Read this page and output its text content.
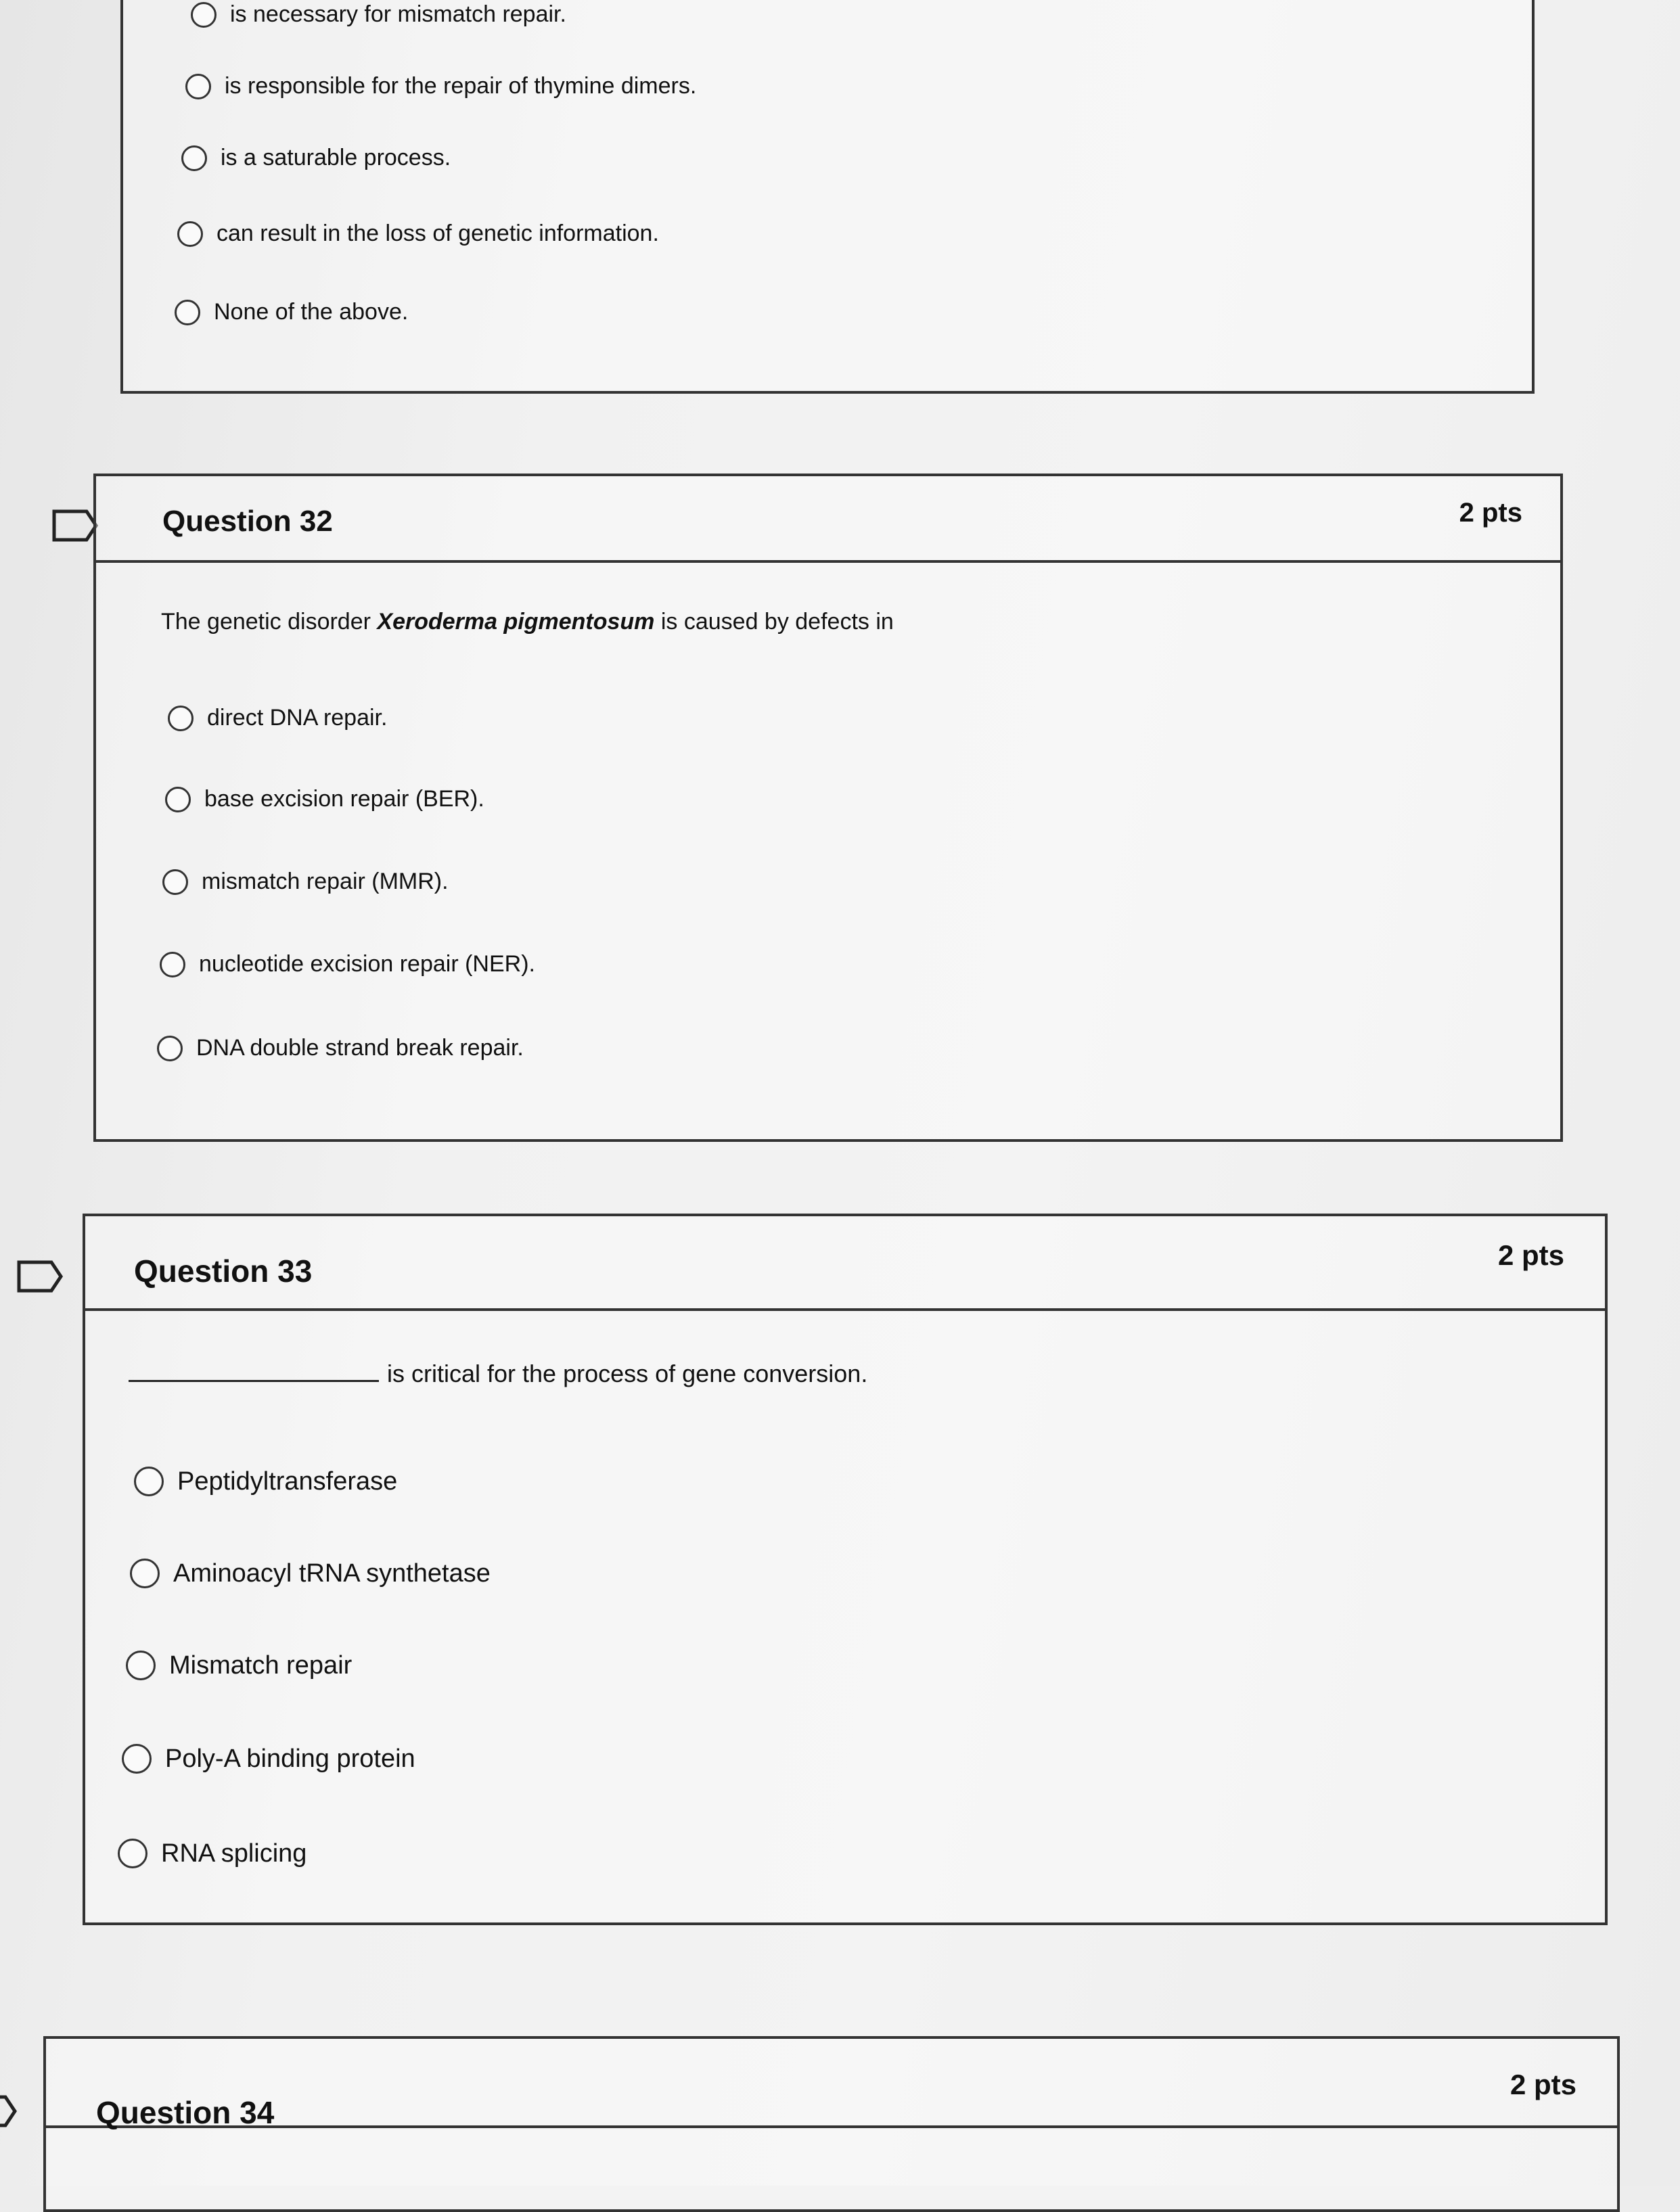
is necessary for mismatch repair.
is responsible for the repair of thymine dimers.
is a saturable process.
can result in the loss of genetic information.
None of the above.
Question 32	2 pts
The genetic disorder Xeroderma pigmentosum is caused by defects in
direct DNA repair.
base excision repair (BER).
mismatch repair (MMR).
nucleotide excision repair (NER).
DNA double strand break repair.
Question 33	2 pts
is critical for the process of gene conversion.
Peptidyltransferase
Aminoacyl tRNA synthetase
Mismatch repair
Poly-A binding protein
RNA splicing
Question 34
2 pts
